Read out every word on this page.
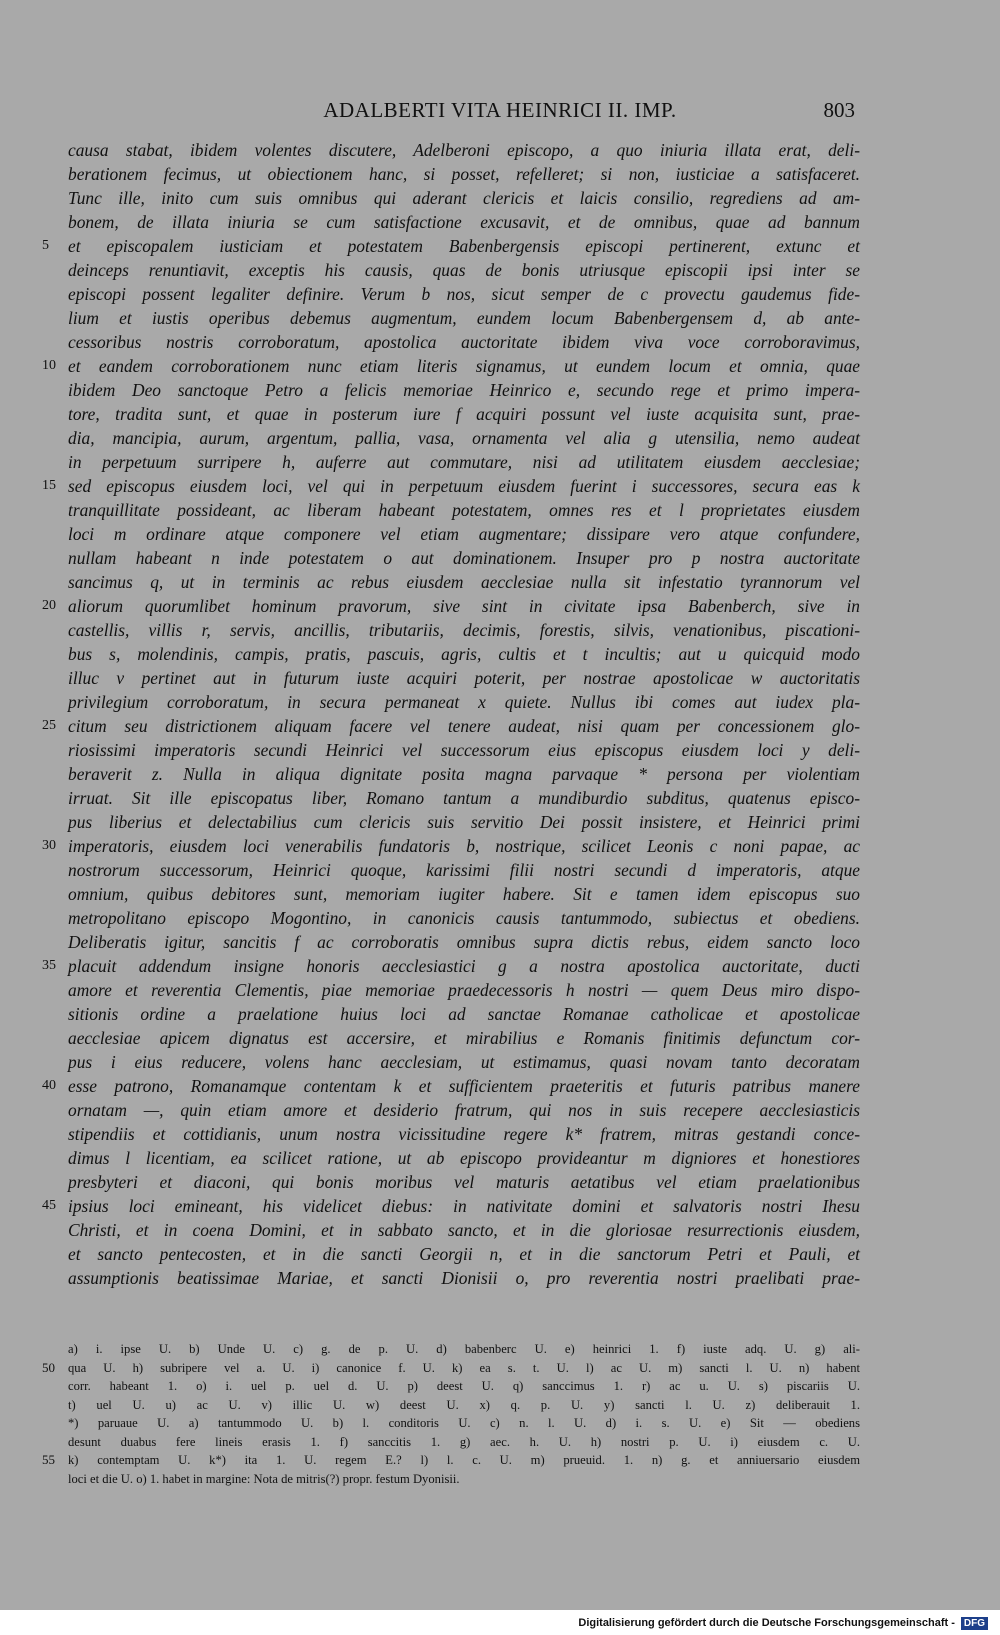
ADALBERTI VITA HEINRICI II. IMP.	803
causa stabat, ibidem volentes discutere, Adelberoni episcopo, a quo iniuria illata erat, deli-
berationem fecimus, ut obiectionem hanc, si posset, refelleret; si non, iusticiae a satisfaceret.
Tunc ille, inito cum suis omnibus qui aderant clericis et laicis consilio, regrediens ad am-
bonem, de illata iniuria se cum satisfactione excusavit, et de omnibus, quae ad bannum
5	et episcopalem iusticiam et potestatem Babenbergensis episcopi pertinerent, extunc et
deinceps renuntiavit, exceptis his causis, quas de bonis utriusque episcopii ipsi inter se
episcopi possent legaliter definire. Verum b nos, sicut semper de c provectu gaudemus fide-
lium et iustis operibus debemus augmentum, eundem locum Babenbergensem d, ab ante-
cessoribus nostris corroboratum, apostolica auctoritate ibidem viva voce corroboravimus,
10 et eandem corroborationem nunc etiam literis signamus, ut eundem locum et omnia, quae
ibidem Deo sanctoque Petro a felicis memoriae Heinrico e, secundo rege et primo impera-
tore, tradita sunt, et quae in posterum iure f acquiri possunt vel iuste acquisita sunt, prae-
dia, mancipia, aurum, argentum, pallia, vasa, ornamenta vel alia g utensilia, nemo audeat
in perpetuum surripere h, auferre aut commutare, nisi ad utilitatem eiusdem aecclesiae;
15 sed episcopus eiusdem loci, vel qui in perpetuum eiusdem fuerint i successores, secura eas k
tranquillitate possideant, ac liberam habeant potestatem, omnes res et l proprietates eiusdem
loci m ordinare atque componere vel etiam augmentare; dissipare vero atque confundere,
nullam habeant n inde potestatem o aut dominationem. Insuper pro p nostra auctoritate
sancimus q, ut in terminis ac rebus eiusdem aecclesiae nulla sit infestatio tyrannorum vel
20 aliorum quorumlibet hominum pravorum, sive sint in civitate ipsa Babenberch, sive in
castellis, villis r, servis, ancillis, tributariis, decimis, forestis, silvis, venationibus, piscationi-
bus s, molendinis, campis, pratis, pascuis, agris, cultis et t incultis; aut u quicquid modo
illuc v pertinet aut in futurum iuste acquiri poterit, per nostrae apostolicae w auctoritatis
privilegium corroboratum, in secura permaneat x quiete. Nullus ibi comes aut iudex pla-
25 citum seu districtionem aliquam facere vel tenere audeat, nisi quam per concessionem glo-
riosissimi imperatoris secundi Heinrici vel successorum eius episcopus eiusdem loci y deli-
beraverit z. Nulla in aliqua dignitate posita magna parvaque * persona per violentiam
irruat. Sit ille episcopatus liber, Romano tantum a mundiburdio subditus, quatenus episco-
pus liberius et delectabilius cum clericis suis servitio Dei possit insistere, et Heinrici primi
30 imperatoris, eiusdem loci venerabilis fundatoris b, nostrique, scilicet Leonis c noni papae, ac
nostrorum successorum, Heinrici quoque, karissimi filii nostri secundi d imperatoris, atque
omnium, quibus debitores sunt, memoriam iugiter habere. Sit e tamen idem episcopus suo
metropolitano episcopo Mogontino, in canonicis causis tantummodo, subiectus et obediens.
Deliberatis igitur, sancitis f ac corroboratis omnibus supra dictis rebus, eidem sancto loco
35 placuit addendum insigne honoris aecclesiastici g a nostra apostolica auctoritate, ducti
amore et reverentia Clementis, piae memoriae praedecessoris h nostri — quem Deus miro dispo-
sitionis ordine a praelatione huius loci ad sanctae Romanae catholicae et apostolicae
aecclesiae apicem dignatus est accersire, et mirabilius e Romanis finitimis defunctum cor-
pus i eius reducere, volens hanc aecclesiam, ut estimamus, quasi novam tanto decoratam
40 esse patrono, Romanamque contentam k et sufficientem praeteritis et futuris patribus manere
ornatam —, quin etiam amore et desiderio fratrum, qui nos in suis recepere aecclesiasticis
stipendiis et cottidianis, unum nostra vicissitudine regere k* fratrem, mitras gestandi conce-
dimus l licentiam, ea scilicet ratione, ut ab episcopo provideantur m digniores et honestiores
presbyteri et diaconi, qui bonis moribus vel maturis aetatibus vel etiam praelationibus
45 ipsius loci emineant, his videlicet diebus: in nativitate domini et salvatoris nostri Ihesu
Christi, et in coena Domini, et in sabbato sancto, et in die gloriosae resurrectionis eiusdem,
et sancto pentecosten, et in die sancti Georgii n, et in die sanctorum Petri et Pauli, et
assumptionis beatissimae Mariae, et sancti Dionisii o, pro reverentia nostri praelibati prae-
a) i. ipse U. b) Unde U. c) g. de p. U. d) babenberc U. e) heinrici 1. f) iuste adq. U. g) ali-
50	qua U. h) subripere vel a. U. i) canonice f. U. k) ea s. t. U. l) ac U. m) sancti l. U. n) habent
corr. habeant 1. o) i. uel p. uel d. U. p) deest U. q) sanccimus 1. r) ac u. U. s) piscariis U.
t) uel U. u) ac U. v) illic U. w) deest U. x) q. p. U. y) sancti l. U. z) deliberauit 1.
*) paruaue U. a) tantummodo U. b) l. conditoris U. c) n. l. U. d) i. s. U. e) Sit — obediens
desunt duabus fere lineis erasis 1. f) sanccitis 1. g) aec. h. U. h) nostri p. U. i) eiusdem c. U.
55	k) contemptam U. k*) ita 1. U. regem E.? l) l. c. U. m) prueuid. 1. n) g. et anniuersario eiusdem
loci et die U. o) 1. habet in margine: Nota de mitris(?) propr. festum Dyonisii.
Digitalisierung gefördert durch die Deutsche Forschungsgemeinschaft - DFG
